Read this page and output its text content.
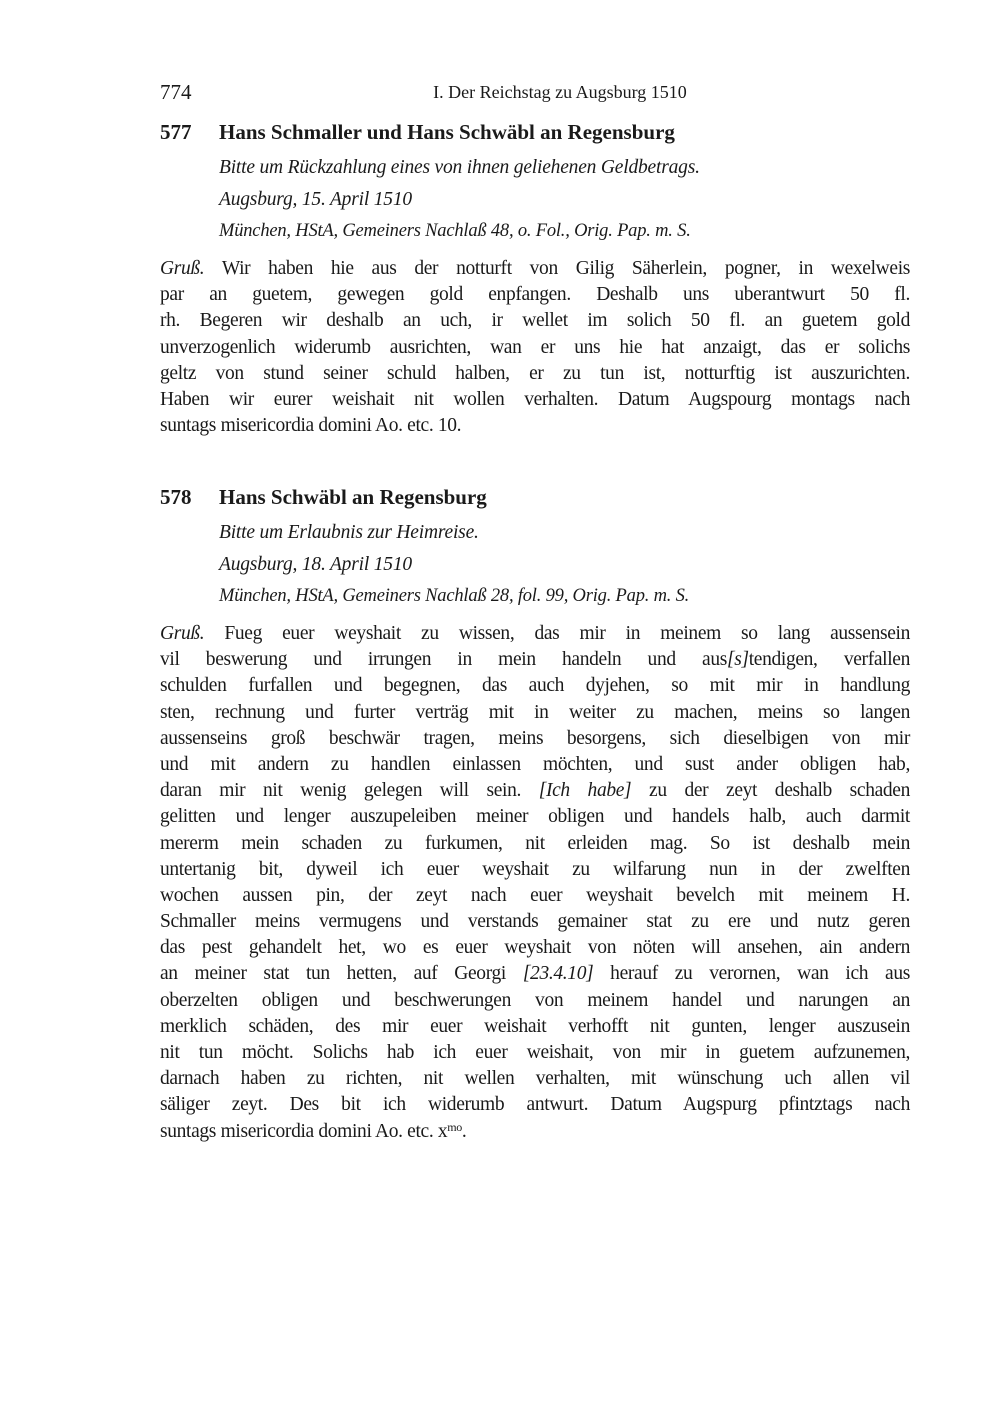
774	I. Der Reichstag zu Augsburg 1510
577 Hans Schmaller und Hans Schwäbl an Regensburg
Bitte um Rückzahlung eines von ihnen geliehenen Geldbetrags.
Augsburg, 15. April 1510
München, HStA, Gemeiners Nachlaß 48, o. Fol., Orig. Pap. m. S.
Gruß. Wir haben hie aus der notturft von Gilig Säherlein, pogner, in wexelweis
par an guetem, gewegen gold enpfangen. Deshalb uns uberantwurt 50 fl.
rh. Begeren wir deshalb an uch, ir wellet im solich 50 fl. an guetem gold
unverzogenlich widerumb ausrichten, wan er uns hie hat anzaigt, das er solichs
geltz von stund seiner schuld halben, er zu tun ist, notturftig ist auszurichten.
Haben wir eurer weishait nit wollen verhalten. Datum Augspourg montags nach
suntags misericordia domini Ao. etc. 10.
578 Hans Schwäbl an Regensburg
Bitte um Erlaubnis zur Heimreise.
Augsburg, 18. April 1510
München, HStA, Gemeiners Nachlaß 28, fol. 99, Orig. Pap. m. S.
Gruß. Fueg euer weyshait zu wissen, das mir in meinem so lang aussensein
vil beswerung und irrungen in mein handeln und aus[s]tendigen, verfallen
schulden furfallen und begegnen, das auch dyjehen, so mit mir in handlung
sten, rechnung und furter verträg mit in weiter zu machen, meins so langen
aussenseins groß beschwär tragen, meins besorgens, sich dieselbigen von mir
und mit andern zu handlen einlassen möchten, und sust ander obligen hab,
daran mir nit wenig gelegen will sein. [Ich habe] zu der zeyt deshalb schaden
gelitten und lenger auszupeleiben meiner obligen und handels halb, auch darmit
mererm mein schaden zu furkumen, nit erleiden mag. So ist deshalb mein
untertanig bit, dyweil ich euer weyshait zu wilfarung nun in der zwelften
wochen aussen pin, der zeyt nach euer weyshait bevelch mit meinem H.
Schmaller meins vermugens und verstands gemainer stat zu ere und nutz geren
das pest gehandelt het, wo es euer weyshait von nöten will ansehen, ain andern
an meiner stat tun hetten, auf Georgi [23.4.10] herauf zu verornen, wan ich aus
oberzelten obligen und beschwerungen von meinem handel und narungen an
merklich schäden, des mir euer weishait verhofft nit gunten, lenger auszusein
nit tun möcht. Solichs hab ich euer weishait, von mir in guetem aufzunemen,
darnach haben zu richten, nit wellen verhalten, mit wünschung uch allen vil
säliger zeyt. Des bit ich widerumb antwurt. Datum Augspurg pfintztags nach
suntags misericordia domini Ao. etc. $x^{mo}$.
